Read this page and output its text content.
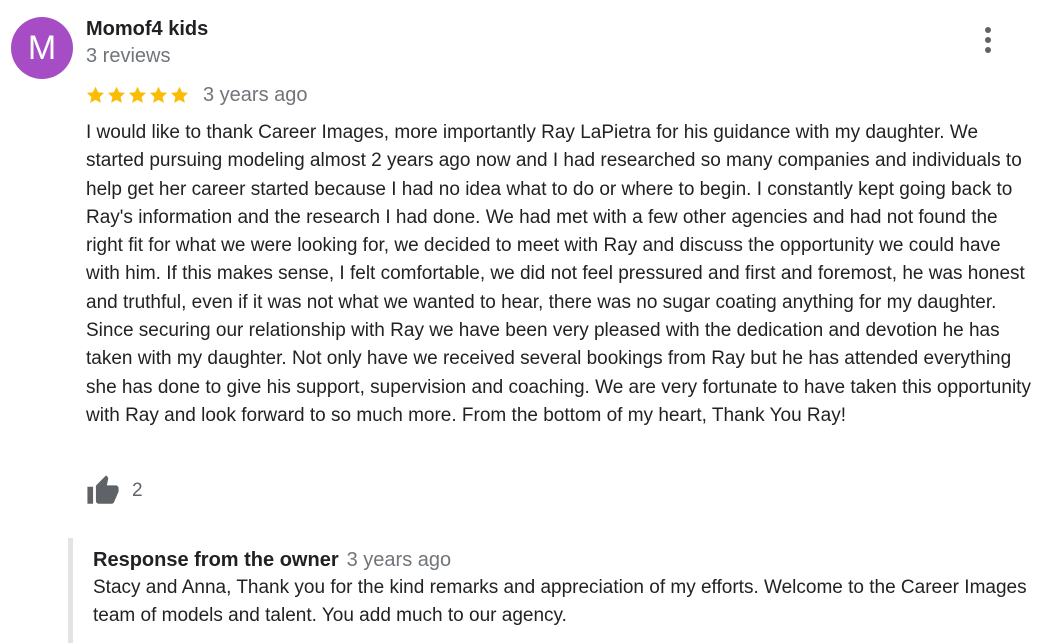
M	Momof4 kids
3 reviews
3 years ago
I would like to thank Career Images, more importantly Ray LaPietra for his guidance with my daughter. We started pursuing modeling almost 2 years ago now and I had researched so many companies and individuals to help get her career started because I had no idea what to do or where to begin. I constantly kept going back to Ray's information and the research I had done. We had met with a few other agencies and had not found the right fit for what we were looking for, we decided to meet with Ray and discuss the opportunity we could have with him. If this makes sense, I felt comfortable, we did not feel pressured and first and foremost, he was honest and truthful, even if it was not what we wanted to hear, there was no sugar coating anything for my daughter. Since securing our relationship with Ray we have been very pleased with the dedication and devotion he has taken with my daughter. Not only have we received several bookings from Ray but he has attended everything she has done to give his support, supervision and coaching. We are very fortunate to have taken this opportunity with Ray and look forward to so much more. From the bottom of my heart, Thank You Ray!
2
Response from the owner 3 years ago
Stacy and Anna, Thank you for the kind remarks and appreciation of my efforts. Welcome to the Career Images team of models and talent. You add much to our agency.
